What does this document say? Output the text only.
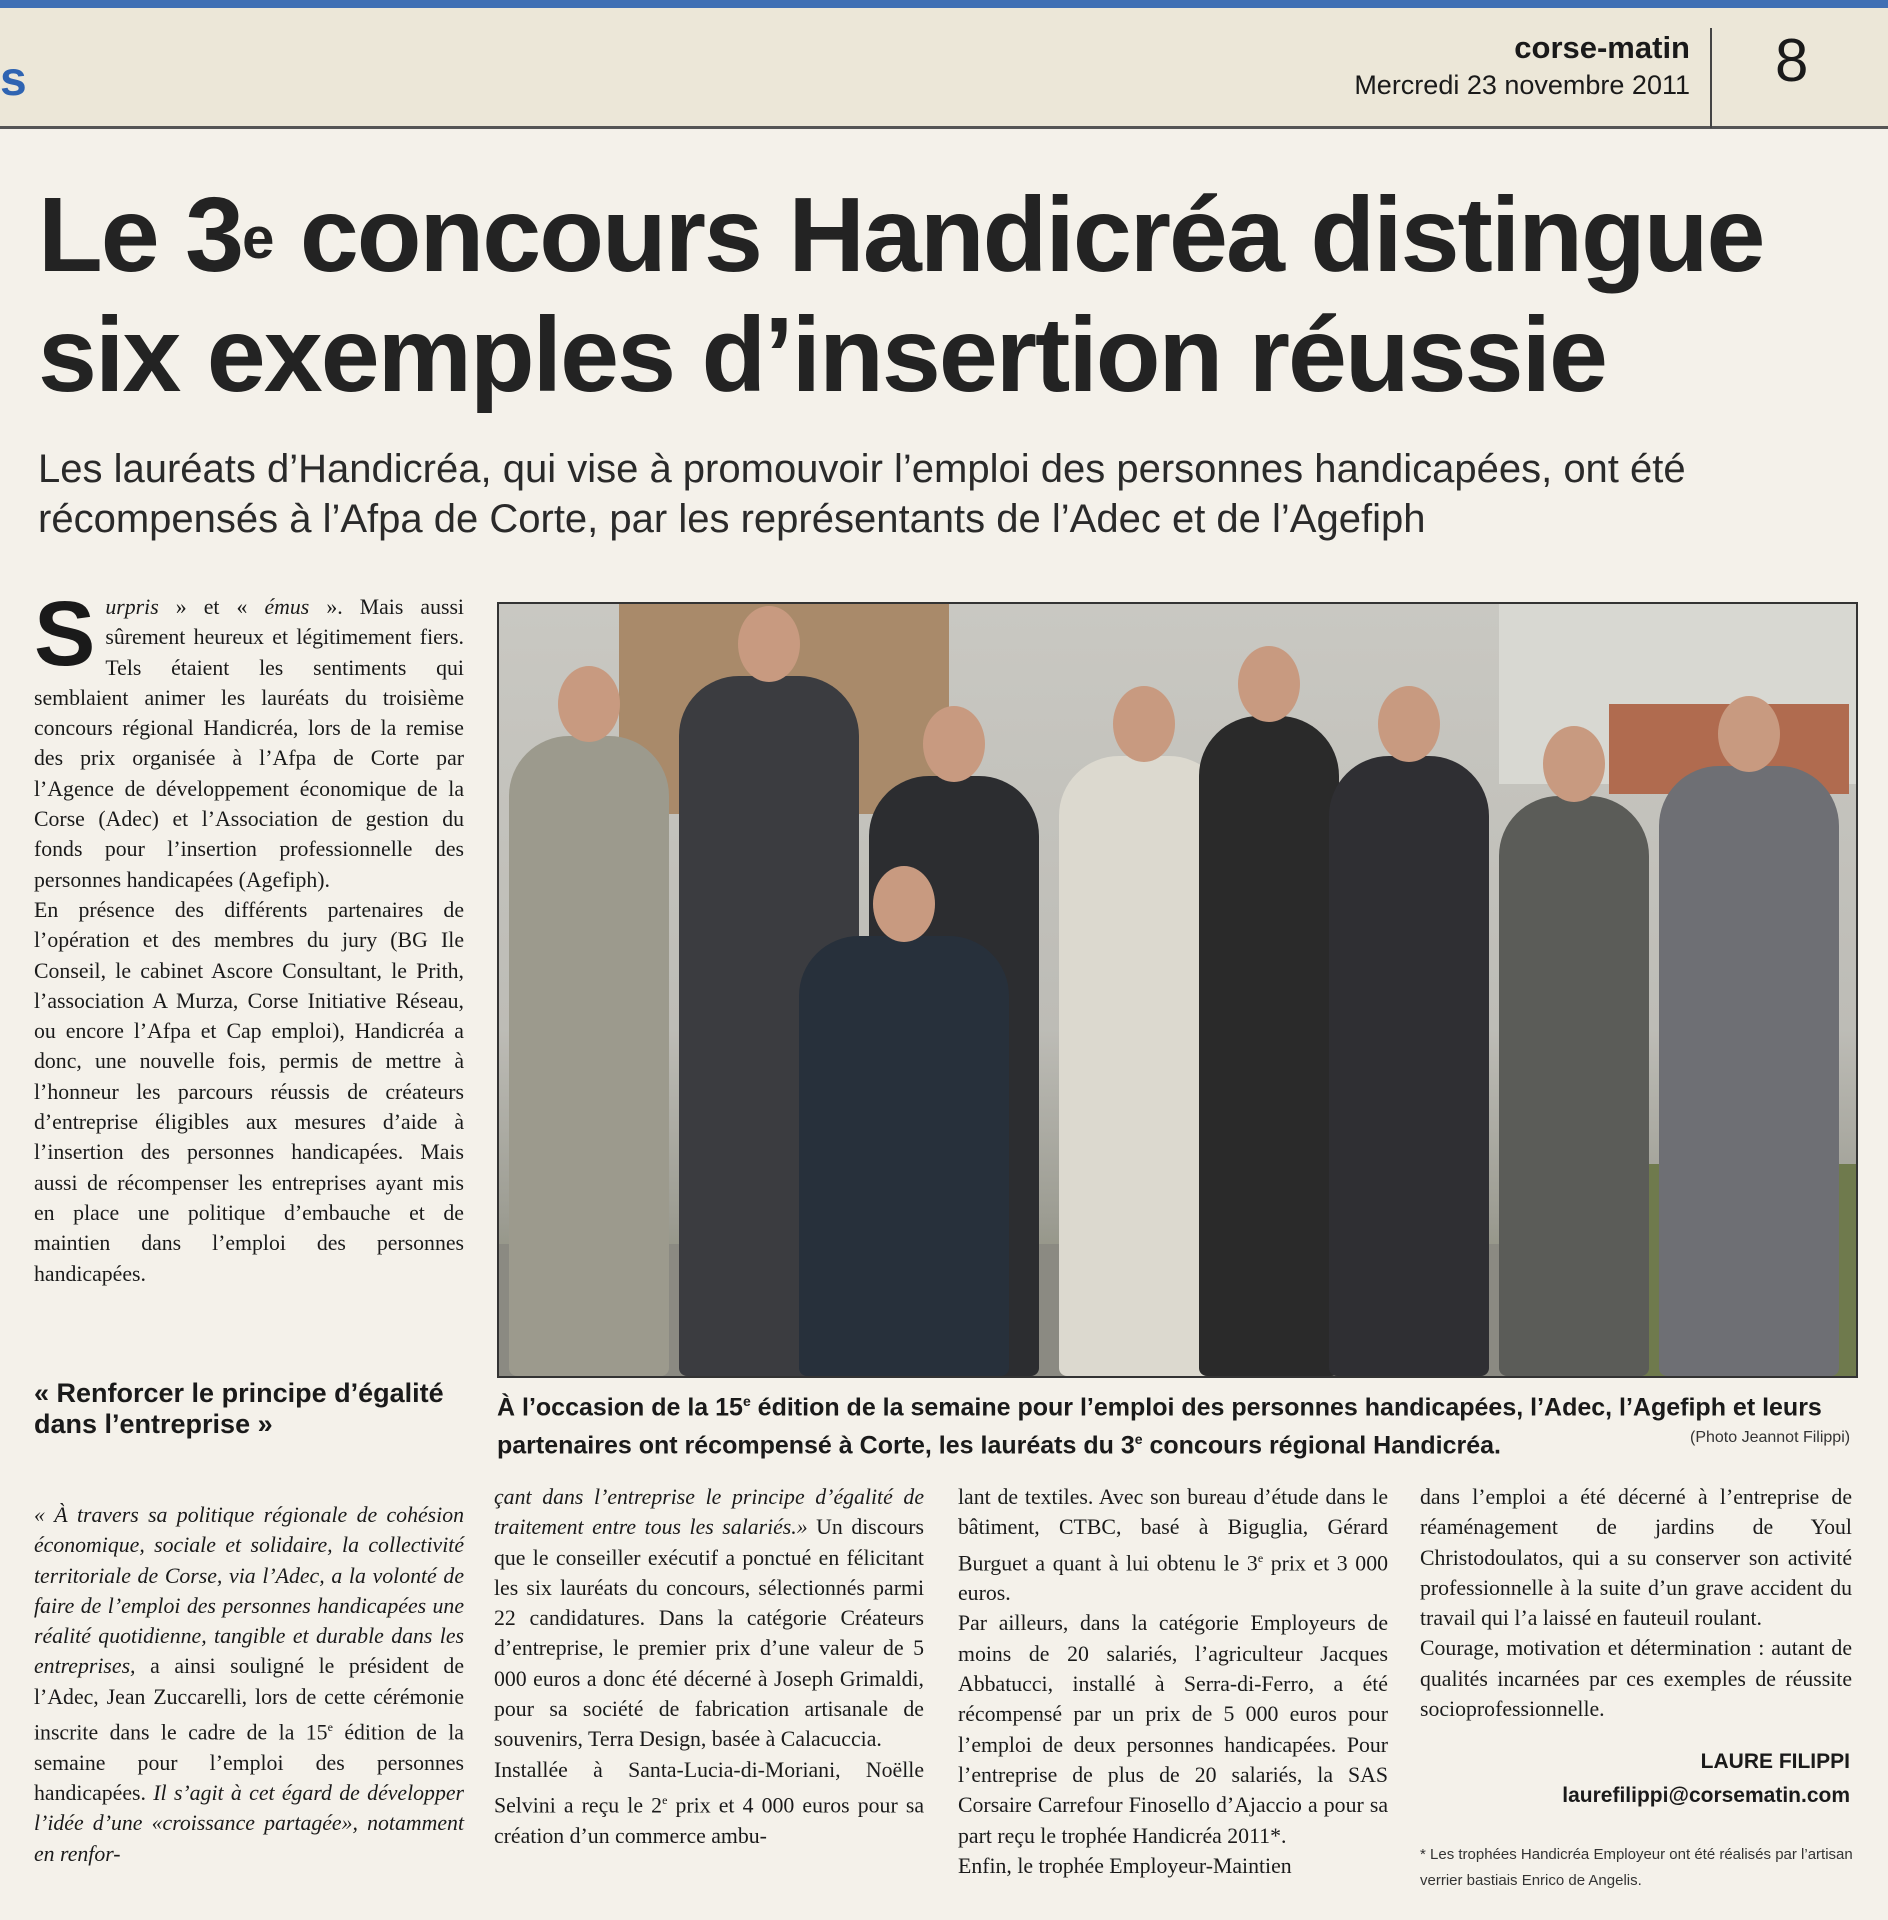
s
corse-matin
Mercredi 23 novembre 2011 8
Le 3e concours Handicréa distingue
six exemples d’insertion réussie

Les lauréats d’Handicréa, qui vise à promouvoir l’emploi des personnes handicapées, ont été récompensés à l’Afpa de Corte, par les représentants de l’Adec et de l’Agefiph

Surpris » et « émus ». Mais aussi sûrement heureux et légitimement fiers. Tels étaient les sentiments qui semblaient animer les lauréats du troisième concours régional Handicréa, lors de la remise des prix organisée à l’Afpa de Corte par l’Agence de développement économique de la Corse (Adec) et l’Association de gestion du fonds pour l’insertion professionnelle des personnes handicapées (Agefiph).

En présence des différents partenaires de l’opération et des membres du jury (BG Ile Conseil, le cabinet Ascore Consultant, le Prith, l’association A Murza, Corse Initiative Réseau, ou encore l’Afpa et Cap emploi), Handicréa a donc, une nouvelle fois, permis de mettre à l’honneur les parcours réussis de créateurs d’entreprise éligibles aux mesures d’aide à l’insertion des personnes handicapées. Mais aussi de récompenser les entreprises ayant mis en place une politique d’embauche et de maintien dans l’emploi des personnes handicapées.

À l’occasion de la 15e édition de la semaine pour l’emploi des personnes handicapées, l’Adec, l’Agefiph et leurs partenaires ont récompensé à Corte, les lauréats du 3e concours régional Handicréa.	(Photo Jeannot Filippi)

« Renforcer le principe d’égalité dans l’entreprise »

« À travers sa politique régionale de cohésion économique, sociale et solidaire, la collectivité territoriale de Corse, via l’Adec, a la volonté de faire de l’emploi des personnes handicapées une réalité quotidienne, tangible et durable dans les entreprises, a ainsi souligné le président de l’Adec, Jean Zuccarelli, lors de cette cérémonie inscrite dans le cadre de la 15e édition de la semaine pour l’emploi des personnes handicapées. Il s’agit à cet égard de développer l’idée d’une «croissance partagée», notamment en renfor-

çant dans l’entreprise le principe d’égalité de traitement entre tous les salariés.» Un discours que le conseiller exécutif a ponctué en félicitant les six lauréats du concours, sélectionnés parmi 22 candidatures. Dans la catégorie Créateurs d’entreprise, le premier prix d’une valeur de 5 000 euros a donc été décerné à Joseph Grimaldi, pour sa société de fabrication artisanale de souvenirs, Terra Design, basée à Calacuccia.

Installée à Santa-Lucia-di-Moriani, Noëlle Selvini a reçu le 2e prix et 4 000 euros pour sa création d’un commerce ambu-

lant de textiles. Avec son bureau d’étude dans le bâtiment, CTBC, basé à Biguglia, Gérard Burguet a quant à lui obtenu le 3e prix et 3 000 euros.

Par ailleurs, dans la catégorie Employeurs de moins de 20 salariés, l’agriculteur Jacques Abbatucci, installé à Serra-di-Ferro, a été récompensé par un prix de 5 000 euros pour l’emploi de deux personnes handicapées. Pour l’entreprise de plus de 20 salariés, la SAS Corsaire Carrefour Finosello d’Ajaccio a pour sa part reçu le trophée Handicréa 2011*.

Enfin, le trophée Employeur-Maintien

dans l’emploi a été décerné à l’entreprise de réaménagement de jardins de Youl Christodoulatos, qui a su conserver son activité professionnelle à la suite d’un grave accident du travail qui l’a laissé en fauteuil roulant.

Courage, motivation et détermination : autant de qualités incarnées par ces exemples de réussite socioprofessionnelle.

LAURE FILIPPI
laurefilippi@corsematin.com
* Les trophées Handicréa Employeur ont été réalisés par l’artisan verrier bastiais Enrico de Angelis.
